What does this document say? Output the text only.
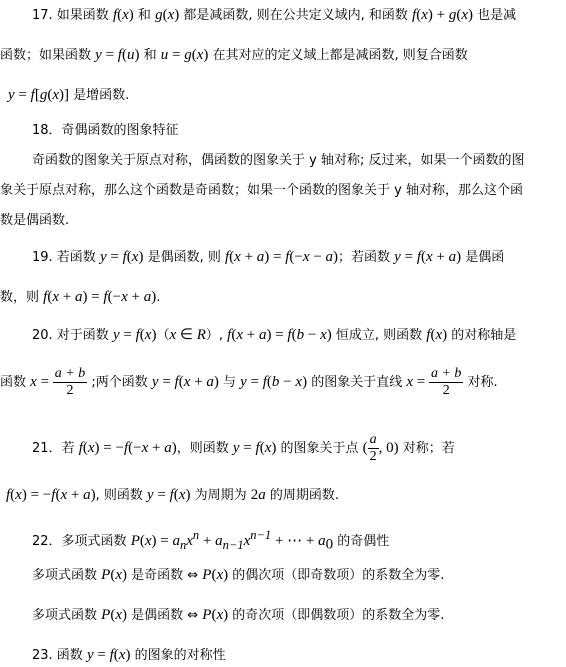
17. 如果函数 f(x) 和 g(x) 都是减函数, 则在公共定义域内, 和函数 f(x) + g(x) 也是减
函数；如果函数 y = f(u) 和 u = g(x) 在其对应的定义域上都是减函数, 则复合函数
y = f[g(x)] 是增函数.
18．奇偶函数的图象特征
奇函数的图象关于原点对称，偶函数的图象关于 y 轴对称; 反过来，如果一个函数的图
象关于原点对称，那么这个函数是奇函数；如果一个函数的图象关于 y 轴对称，那么这个函
数是偶函数.
19. 若函数 y = f(x) 是偶函数, 则 f(x + a) = f(−x − a)；若函数 y = f(x + a) 是偶函
数，则 f(x + a) = f(−x + a).
20. 对于函数 y = f(x)（x ∈ R）, f(x + a) = f(b − x) 恒成立, 则函数 f(x) 的对称轴是
函数 $x = \frac{a + b}{2}$ ;两个函数 y = f(x + a) 与 y = f(b − x) 的图象关于直线 $x = \frac{a + b}{2}$ 对称.
21．若 f(x) = −f(−x + a)，则函数 y = f(x) 的图象关于点 ( $\frac{a}{2}$ , 0) 对称；若
f(x) = −f(x + a), 则函数 y = f(x) 为周期为 2a 的周期函数.
22．多项式函数 $P(x) = a_nx^n + a_{n-1}x^{n-1}$ + ⋯ + $a_0$ 的奇偶性
多项式函数 P(x) 是奇函数 ⇔ P(x) 的偶次项（即奇数项）的系数全为零.
多项式函数 P(x) 是偶函数 ⇔ P(x) 的奇次项（即偶数项）的系数全为零.
23. 函数 y = f(x) 的图象的对称性
